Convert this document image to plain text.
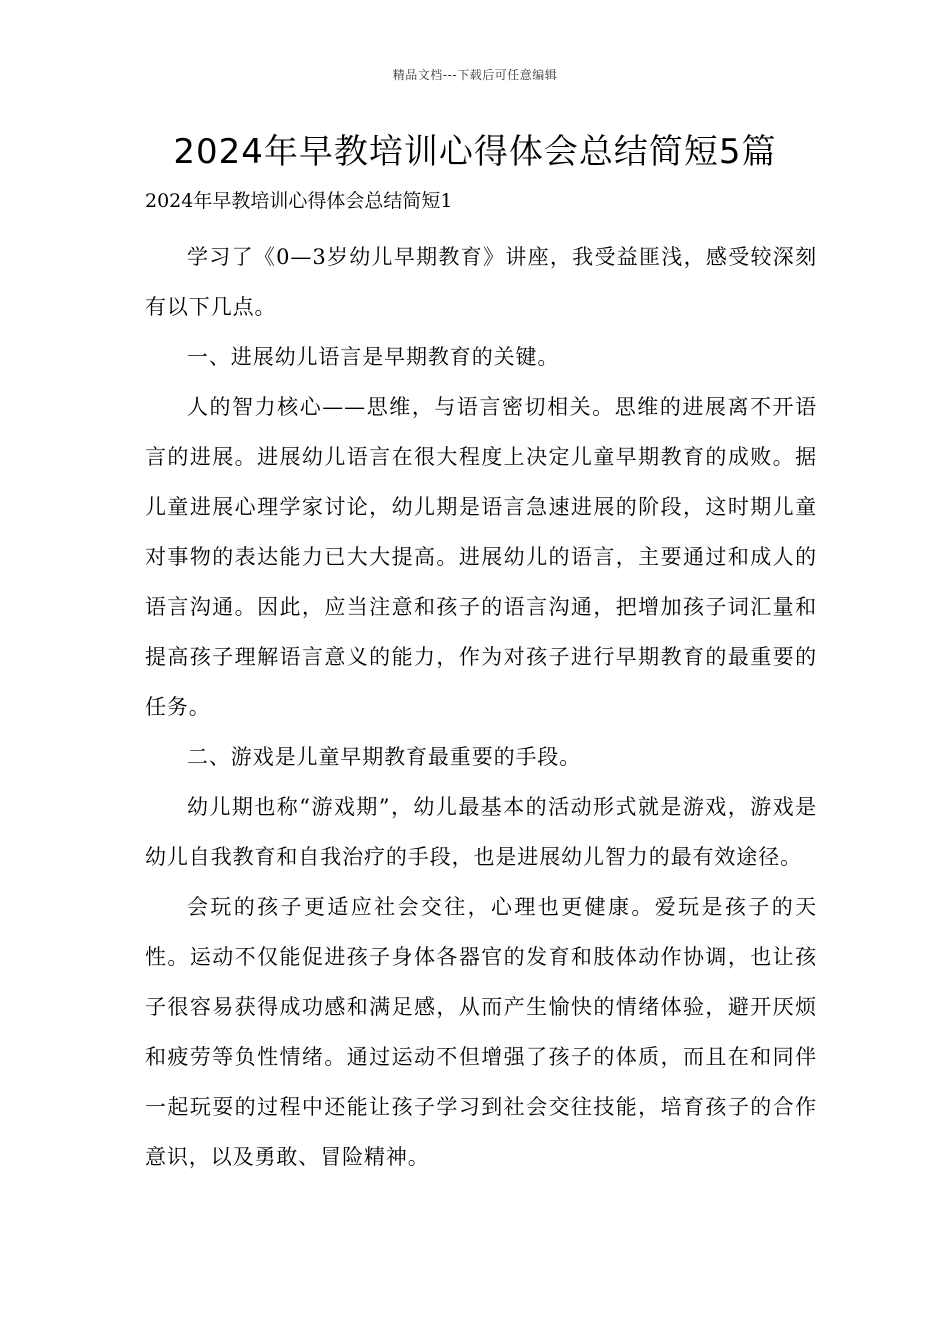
精品文档---下载后可任意编辑
2024年早教培训心得体会总结简短5篇

2024年早教培训心得体会总结简短1

学习了《0—3岁幼儿早期教育》讲座，我受益匪浅，感受较深刻有以下几点。

一、进展幼儿语言是早期教育的关键。

人的智力核心——思维，与语言密切相关。思维的进展离不开语言的进展。进展幼儿语言在很大程度上决定儿童早期教育的成败。据儿童进展心理学家讨论，幼儿期是语言急速进展的阶段，这时期儿童对事物的表达能力已大大提高。进展幼儿的语言，主要通过和成人的语言沟通。因此，应当注意和孩子的语言沟通，把增加孩子词汇量和提高孩子理解语言意义的能力，作为对孩子进行早期教育的最重要的任务。

二、游戏是儿童早期教育最重要的手段。

幼儿期也称“游戏期”，幼儿最基本的活动形式就是游戏，游戏是幼儿自我教育和自我治疗的手段，也是进展幼儿智力的最有效途径。

会玩的孩子更适应社会交往，心理也更健康。爱玩是孩子的天性。运动不仅能促进孩子身体各器官的发育和肢体动作协调，也让孩子很容易获得成功感和满足感，从而产生愉快的情绪体验，避开厌烦和疲劳等负性情绪。通过运动不但增强了孩子的体质，而且在和同伴一起玩耍的过程中还能让孩子学习到社会交往技能，培育孩子的合作意识，以及勇敢、冒险精神。
